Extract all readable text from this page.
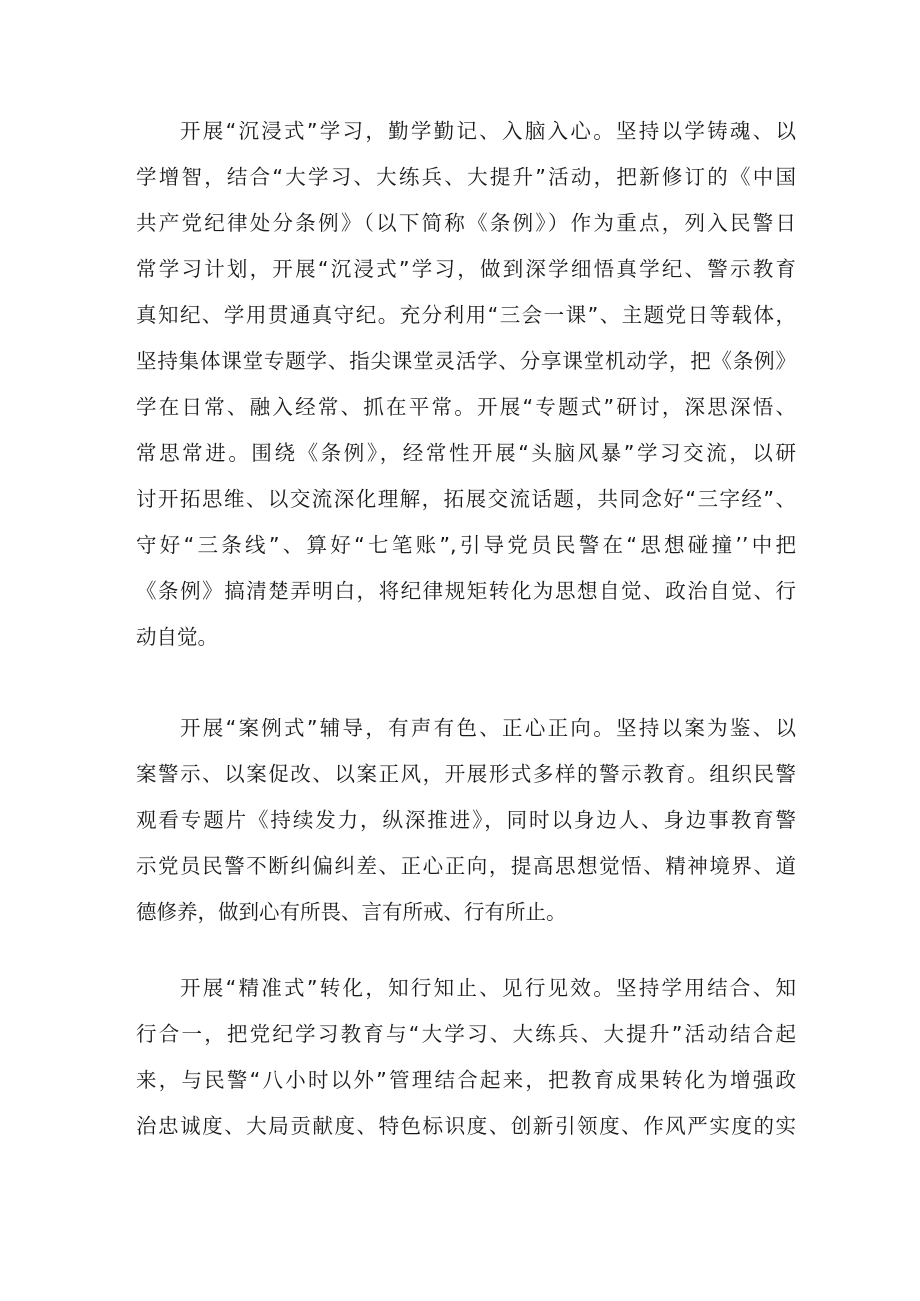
开展“沉浸式”学习，勤学勤记、入脑入心。坚持以学铸魂、以
学增智，结合“大学习、大练兵、大提升”活动，把新修订的《中国
共产党纪律处分条例》（以下简称《条例》）作为重点，列入民警日
常学习计划，开展“沉浸式”学习，做到深学细悟真学纪、警示教育
真知纪、学用贯通真守纪。充分利用“三会一课”、主题党日等载体，
坚持集体课堂专题学、指尖课堂灵活学、分享课堂机动学，把《条例》
学在日常、融入经常、抓在平常。开展“专题式”研讨，深思深悟、
常思常进。围绕《条例》，经常性开展“头脑风暴”学习交流，以研
讨开拓思维、以交流深化理解，拓展交流话题，共同念好“三字经”、
守好“三条线”、算好“七笔账”,引导党员民警在“思想碰撞’’中把
《条例》搞清楚弄明白，将纪律规矩转化为思想自觉、政治自觉、行
动自觉。
开展“案例式”辅导，有声有色、正心正向。坚持以案为鉴、以
案警示、以案促改、以案正风，开展形式多样的警示教育。组织民警
观看专题片《持续发力，纵深推进》，同时以身边人、身边事教育警
示党员民警不断纠偏纠差、正心正向，提高思想觉悟、精神境界、道
德修养，做到心有所畏、言有所戒、行有所止。
开展“精准式”转化，知行知止、见行见效。坚持学用结合、知
行合一，把党纪学习教育与“大学习、大练兵、大提升”活动结合起
来，与民警“八小时以外”管理结合起来，把教育成果转化为增强政
治忠诚度、大局贡献度、特色标识度、创新引领度、作风严实度的实
